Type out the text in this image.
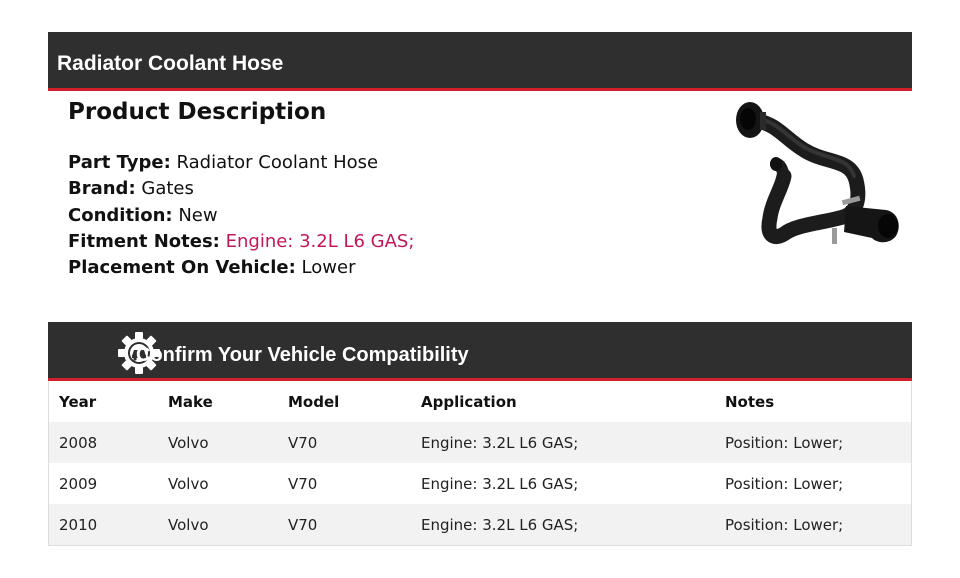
Radiator Coolant Hose
Product Description
Part Type: Radiator Coolant Hose
Brand: Gates
Condition: New
Fitment Notes: Engine: 3.2L L6 GAS;
Placement On Vehicle: Lower
Confirm Your Vehicle Compatibility
Year	Make	Model	Application	Notes
2008	Volvo	V70	Engine: 3.2L L6 GAS;	Position: Lower;
2009	Volvo	V70	Engine: 3.2L L6 GAS;	Position: Lower;
2010	Volvo	V70	Engine: 3.2L L6 GAS;	Position: Lower;
